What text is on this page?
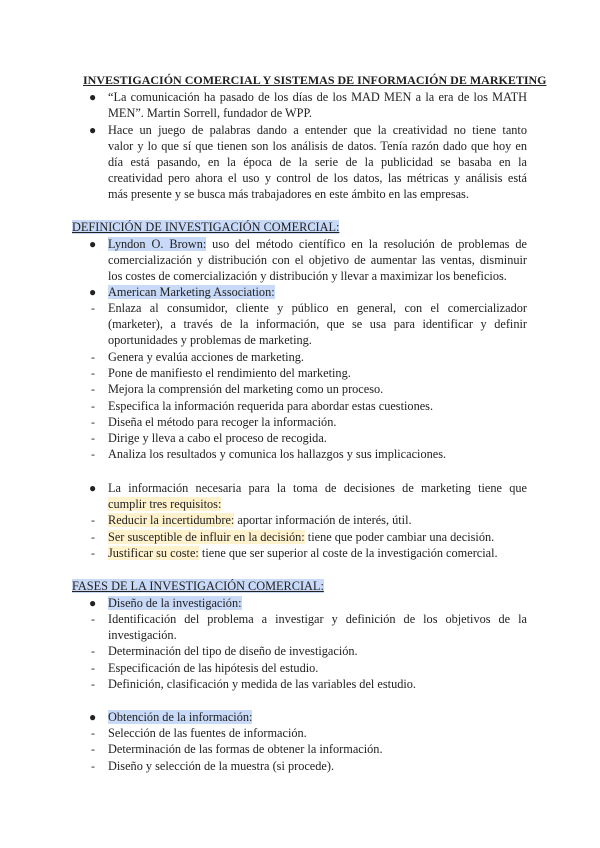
INVESTIGACIÓN COMERCIAL Y SISTEMAS DE INFORMACIÓN DE MARKETING
● “La comunicación ha pasado de los días de los MAD MEN a la era de los MATH
MEN”. Martin Sorrell, fundador de WPP.
● Hace un juego de palabras dando a entender que la creatividad no tiene tanto
valor y lo que sí que tienen son los análisis de datos. Tenía razón dado que hoy en
día está pasando, en la época de la serie de la publicidad se basaba en la
creatividad pero ahora el uso y control de los datos, las métricas y análisis está
más presente y se busca más trabajadores en este ámbito en las empresas.
DEFINICIÓN DE INVESTIGACIÓN COMERCIAL:
● Lyndon O. Brown: uso del método científico en la resolución de problemas de
comercialización y distribución con el objetivo de aumentar las ventas, disminuir
los costes de comercialización y distribución y llevar a maximizar los beneficios.
● American Marketing Association:
- Enlaza al consumidor, cliente y público en general, con el comercializador
(marketer), a través de la información, que se usa para identificar y definir
oportunidades y problemas de marketing.
- Genera y evalúa acciones de marketing.
- Pone de manifiesto el rendimiento del marketing.
- Mejora la comprensión del marketing como un proceso.
- Especifica la información requerida para abordar estas cuestiones.
- Diseña el método para recoger la información.
- Dirige y lleva a cabo el proceso de recogida.
- Analiza los resultados y comunica los hallazgos y sus implicaciones.
● La información necesaria para la toma de decisiones de marketing tiene que
cumplir tres requisitos:
- Reducir la incertidumbre: aportar información de interés, útil.
- Ser susceptible de influir en la decisión: tiene que poder cambiar una decisión.
- Justificar su coste: tiene que ser superior al coste de la investigación comercial.
FASES DE LA INVESTIGACIÓN COMERCIAL:
● Diseño de la investigación:
- Identificación del problema a investigar y definición de los objetivos de la
investigación.
- Determinación del tipo de diseño de investigación.
- Especificación de las hipótesis del estudio.
- Definición, clasificación y medida de las variables del estudio.
● Obtención de la información:
- Selección de las fuentes de información.
- Determinación de las formas de obtener la información.
- Diseño y selección de la muestra (si procede).
